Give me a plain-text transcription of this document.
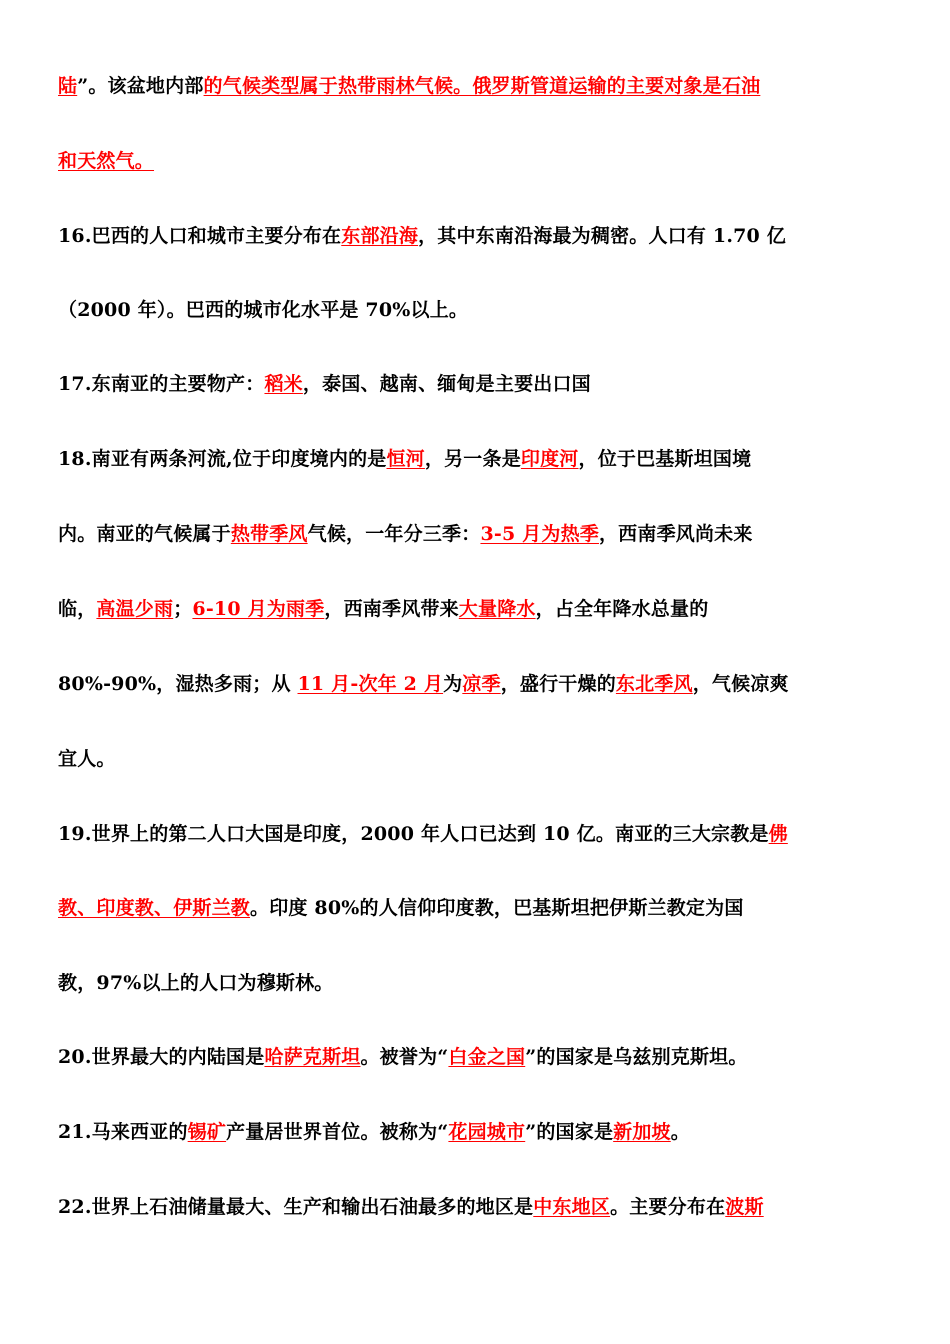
陆”。该盆地内部的气候类型属于热带雨林气候。俄罗斯管道运输的主要对象是石油
和天然气。
16.巴西的人口和城市主要分布在东部沿海，其中东南沿海最为稠密。人口有 1.70 亿
（2000 年）。巴西的城市化水平是 70%以上。
17.东南亚的主要物产：稻米，泰国、越南、缅甸是主要出口国
18.南亚有两条河流,位于印度境内的是恒河，另一条是印度河，位于巴基斯坦国境
内。南亚的气候属于热带季风气候，一年分三季：3-5 月为热季，西南季风尚未来
临，高温少雨；6-10 月为雨季，西南季风带来大量降水，占全年降水总量的
80%-90%，湿热多雨；从 11 月-次年 2 月为凉季，盛行干燥的东北季风，气候凉爽
宜人。
19.世界上的第二人口大国是印度，2000 年人口已达到 10 亿。南亚的三大宗教是佛
教、印度教、伊斯兰教。印度 80%的人信仰印度教，巴基斯坦把伊斯兰教定为国
教，97%以上的人口为穆斯林。
20.世界最大的内陆国是哈萨克斯坦。被誉为“白金之国”的国家是乌兹别克斯坦。
21.马来西亚的锡矿产量居世界首位。被称为“花园城市”的国家是新加坡。
22.世界上石油储量最大、生产和输出石油最多的地区是中东地区。主要分布在波斯
